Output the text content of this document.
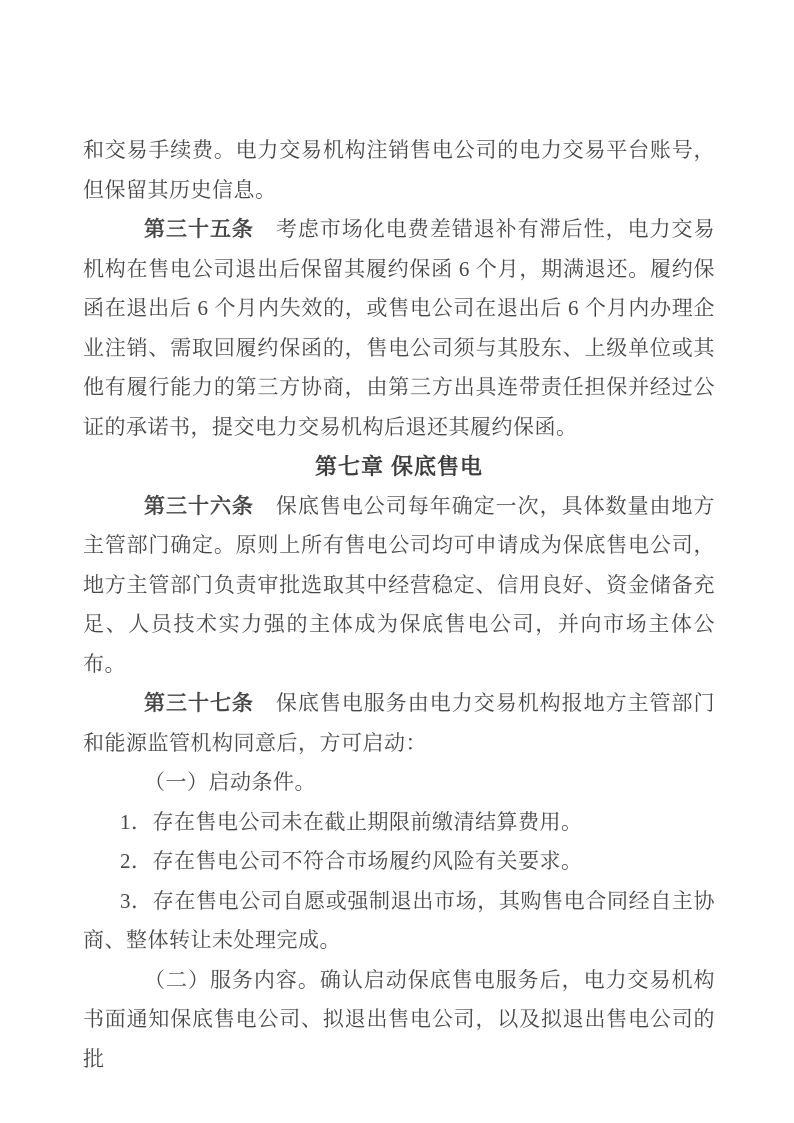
和交易手续费。电力交易机构注销售电公司的电力交易平台账号，但保留其历史信息。
第三十五条　考虑市场化电费差错退补有滞后性，电力交易机构在售电公司退出后保留其履约保函 6 个月，期满退还。履约保函在退出后 6 个月内失效的，或售电公司在退出后 6 个月内办理企业注销、需取回履约保函的，售电公司须与其股东、上级单位或其他有履行能力的第三方协商，由第三方出具连带责任担保并经过公证的承诺书，提交电力交易机构后退还其履约保函。
第七章 保底售电
第三十六条　保底售电公司每年确定一次，具体数量由地方主管部门确定。原则上所有售电公司均可申请成为保底售电公司，地方主管部门负责审批选取其中经营稳定、信用良好、资金储备充足、人员技术实力强的主体成为保底售电公司，并向市场主体公布。
第三十七条　保底售电服务由电力交易机构报地方主管部门和能源监管机构同意后，方可启动：
（一）启动条件。
1．存在售电公司未在截止期限前缴清结算费用。
2．存在售电公司不符合市场履约风险有关要求。
3．存在售电公司自愿或强制退出市场，其购售电合同经自主协商、整体转让未处理完成。
（二）服务内容。确认启动保底售电服务后，电力交易机构书面通知保底售电公司、拟退出售电公司，以及拟退出售电公司的批
